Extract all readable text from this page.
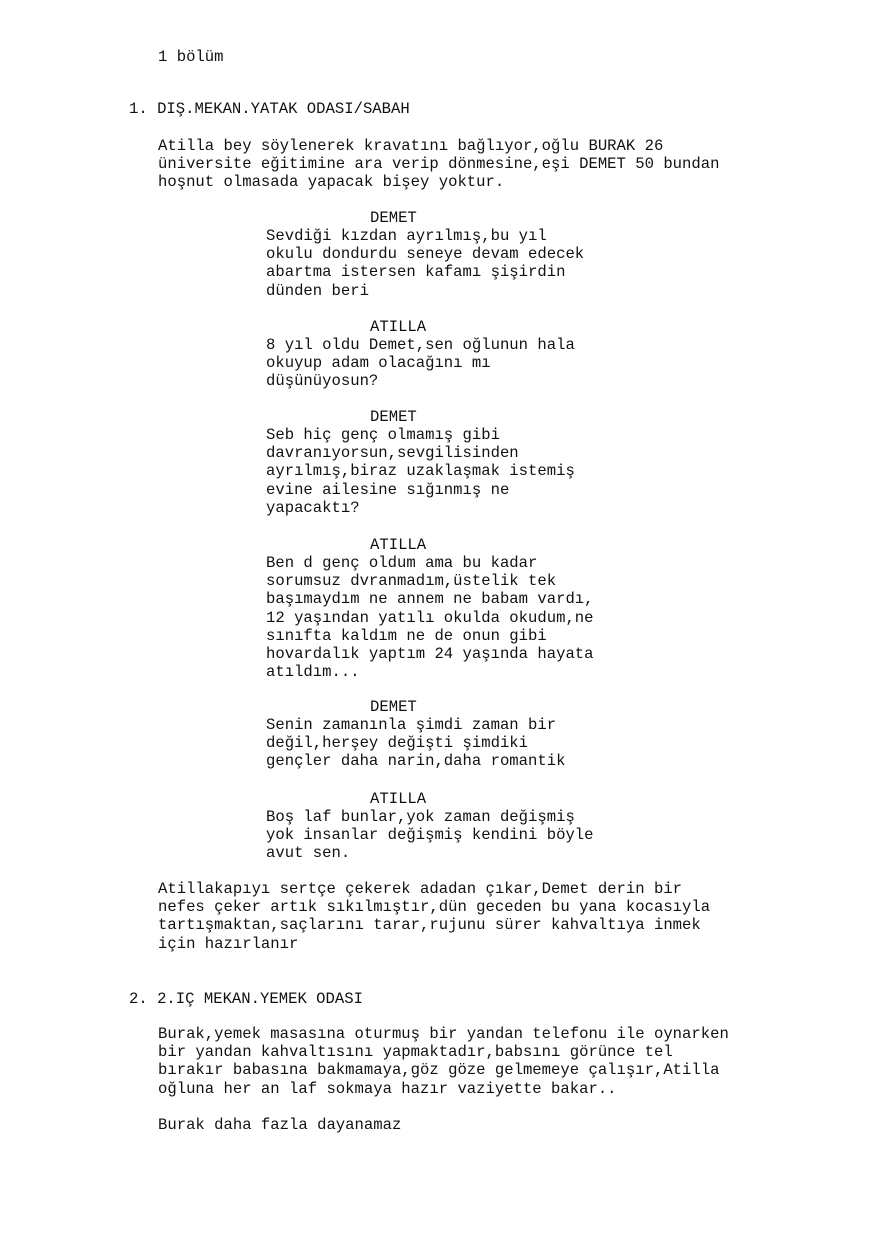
1 bölüm

1. DIŞ.MEKAN.YATAK ODASI/SABAH

Atilla bey söylenerek kravatını bağlıyor,oğlu BURAK 26
üniversite eğitimine ara verip dönmesine,eşi DEMET 50 bundan
hoşnut olmasada yapacak bişey yoktur.

DEMET

Sevdiği kızdan ayrılmış,bu yıl
okulu dondurdu seneye devam edecek
abartma istersen kafamı şişirdin
dünden beri

ATILLA

8 yıl oldu Demet,sen oğlunun hala
okuyup adam olacağını mı
düşünüyosun?

DEMET

Seb hiç genç olmamış gibi
davranıyorsun,sevgilisinden
ayrılmış,biraz uzaklaşmak istemiş
evine ailesine sığınmış ne
yapacaktı?

ATILLA

Ben d genç oldum ama bu kadar
sorumsuz dvranmadım,üstelik tek
başımaydım ne annem ne babam vardı,
12 yaşından yatılı okulda okudum,ne
sınıfta kaldım ne de onun gibi
hovardalık yaptım 24 yaşında hayata
atıldım...

DEMET

Senin zamanınla şimdi zaman bir
değil,herşey değişti şimdiki
gençler daha narin,daha romantik

ATILLA

Boş laf bunlar,yok zaman değişmiş
yok insanlar değişmiş kendini böyle
avut sen.

Atillakapıyı sertçe çekerek adadan çıkar,Demet derin bir
nefes çeker artık sıkılmıştır,dün geceden bu yana kocasıyla
tartışmaktan,saçlarını tarar,rujunu sürer kahvaltıya inmek
için hazırlanır

2. 2.IÇ MEKAN.YEMEK ODASI

Burak,yemek masasına oturmuş bir yandan telefonu ile oynarken
bir yandan kahvaltısını yapmaktadır,babsını görünce tel
bırakır babasına bakmamaya,göz göze gelmemeye çalışır,Atilla
oğluna her an laf sokmaya hazır vaziyette bakar..

Burak daha fazla dayanamaz
